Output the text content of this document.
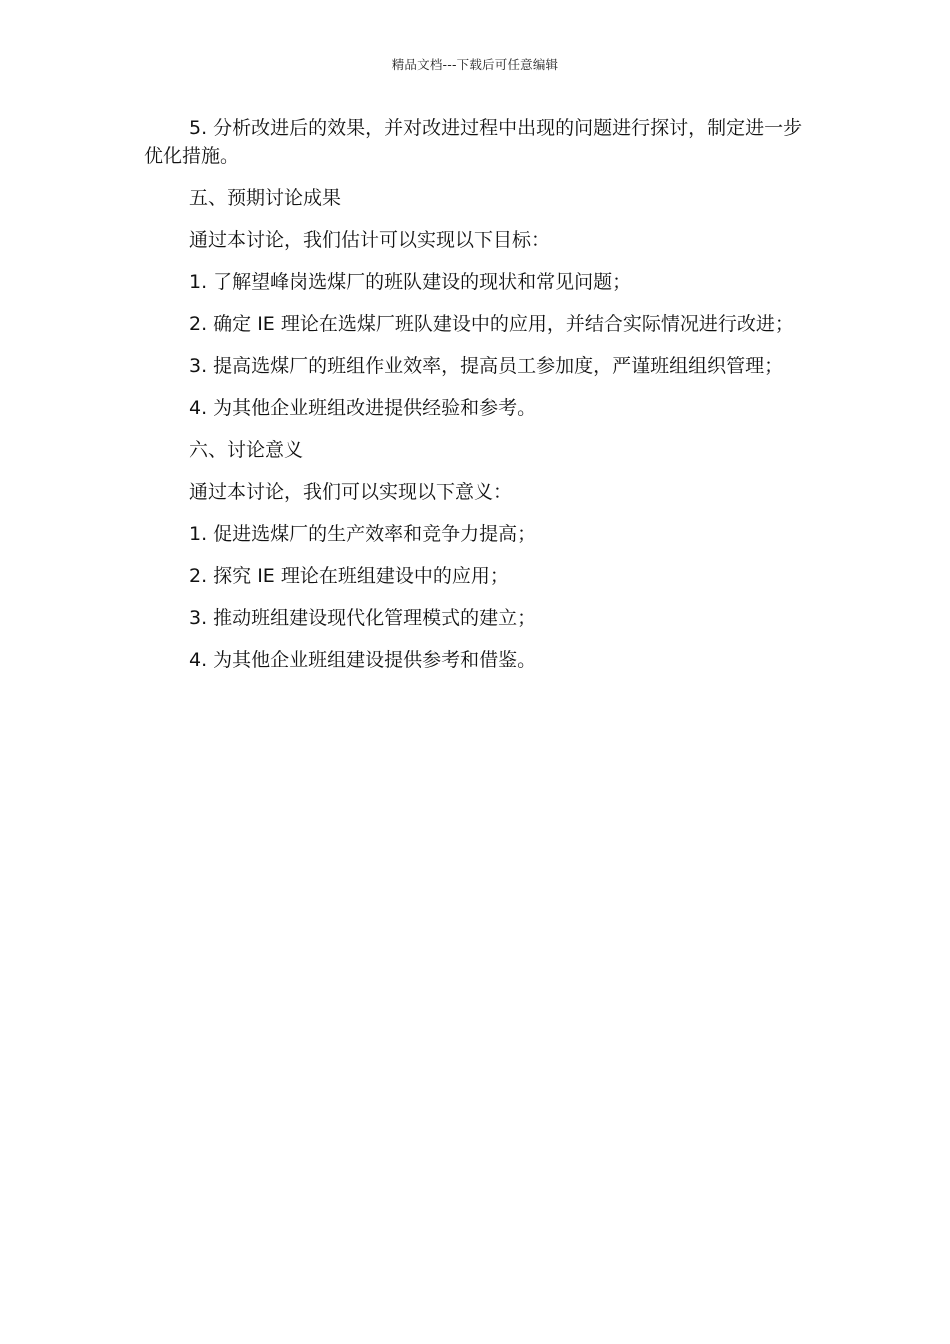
精品文档---下载后可任意编辑

5. 分析改进后的效果，并对改进过程中出现的问题进行探讨，制定进一步优化措施。

五、预期讨论成果

通过本讨论，我们估计可以实现以下目标：

1. 了解望峰岗选煤厂的班队建设的现状和常见问题；

2. 确定 IE 理论在选煤厂班队建设中的应用，并结合实际情况进行改进；

3. 提高选煤厂的班组作业效率，提高员工参加度，严谨班组组织管理；

4. 为其他企业班组改进提供经验和参考。

六、讨论意义

通过本讨论，我们可以实现以下意义：

1. 促进选煤厂的生产效率和竞争力提高；

2. 探究 IE 理论在班组建设中的应用；

3. 推动班组建设现代化管理模式的建立；

4. 为其他企业班组建设提供参考和借鉴。
